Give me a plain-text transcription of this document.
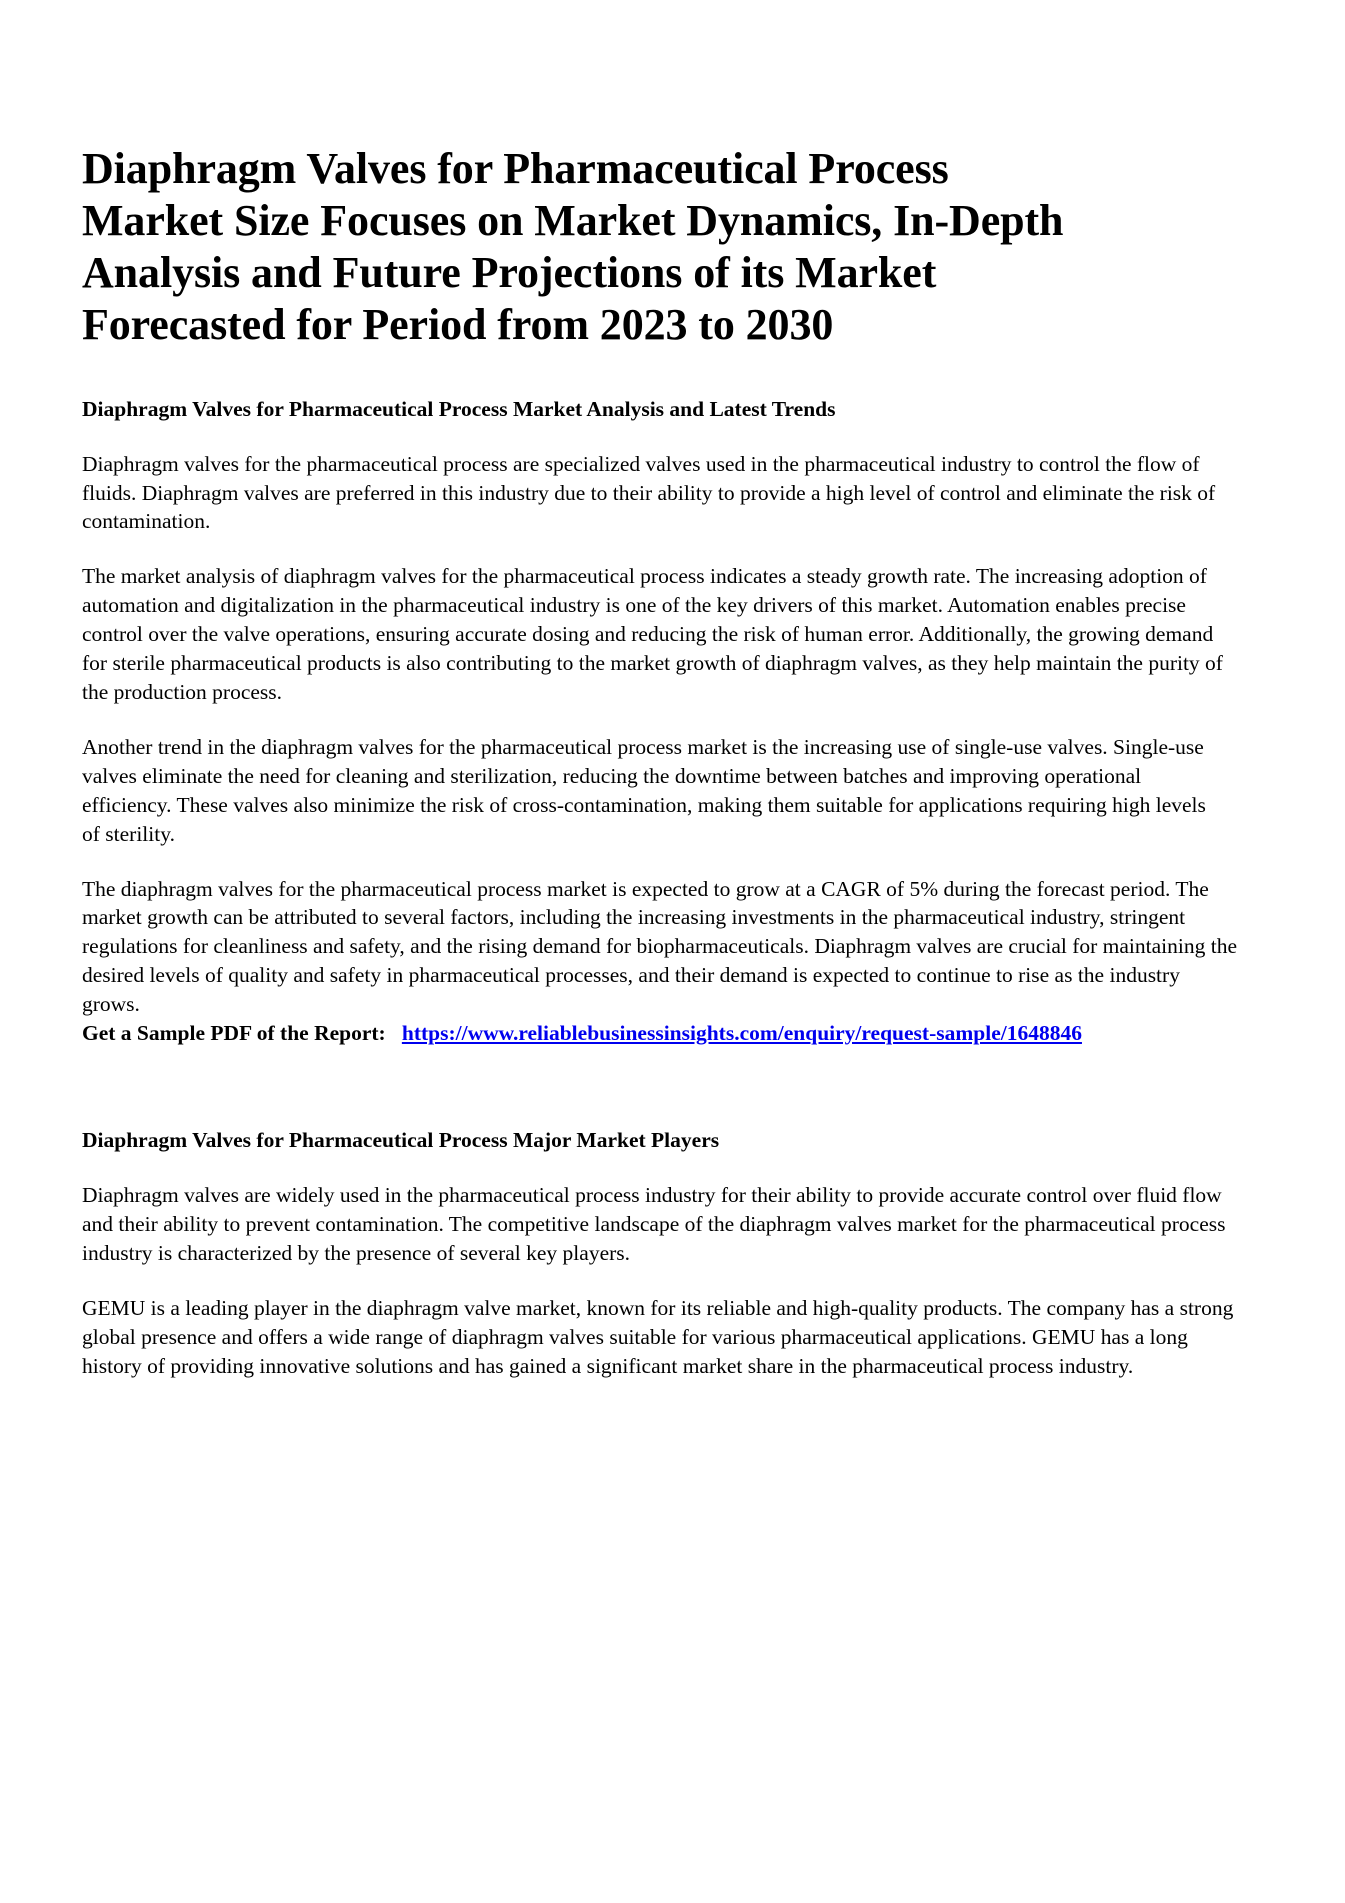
Diaphragm Valves for Pharmaceutical Process Market Size Focuses on Market Dynamics, In-Depth Analysis and Future Projections of its Market Forecasted for Period from 2023 to 2030
Diaphragm Valves for Pharmaceutical Process Market Analysis and Latest Trends

Diaphragm valves for the pharmaceutical process are specialized valves used in the pharmaceutical industry to control the flow of fluids. Diaphragm valves are preferred in this industry due to their ability to provide a high level of control and eliminate the risk of contamination.

The market analysis of diaphragm valves for the pharmaceutical process indicates a steady growth rate. The increasing adoption of automation and digitalization in the pharmaceutical industry is one of the key drivers of this market. Automation enables precise control over the valve operations, ensuring accurate dosing and reducing the risk of human error. Additionally, the growing demand for sterile pharmaceutical products is also contributing to the market growth of diaphragm valves, as they help maintain the purity of the production process.

Another trend in the diaphragm valves for the pharmaceutical process market is the increasing use of single-use valves. Single-use valves eliminate the need for cleaning and sterilization, reducing the downtime between batches and improving operational efficiency. These valves also minimize the risk of cross-contamination, making them suitable for applications requiring high levels of sterility.

The diaphragm valves for the pharmaceutical process market is expected to grow at a CAGR of 5% during the forecast period. The market growth can be attributed to several factors, including the increasing investments in the pharmaceutical industry, stringent regulations for cleanliness and safety, and the rising demand for biopharmaceuticals. Diaphragm valves are crucial for maintaining the desired levels of quality and safety in pharmaceutical processes, and their demand is expected to continue to rise as the industry grows.

Get a Sample PDF of the Report: https://www.reliablebusinessinsights.com/enquiry/request-sample/1648846

Diaphragm Valves for Pharmaceutical Process Major Market Players

Diaphragm valves are widely used in the pharmaceutical process industry for their ability to provide accurate control over fluid flow and their ability to prevent contamination. The competitive landscape of the diaphragm valves market for the pharmaceutical process industry is characterized by the presence of several key players.

GEMU is a leading player in the diaphragm valve market, known for its reliable and high-quality products. The company has a strong global presence and offers a wide range of diaphragm valves suitable for various pharmaceutical applications. GEMU has a long history of providing innovative solutions and has gained a significant market share in the pharmaceutical process industry.
